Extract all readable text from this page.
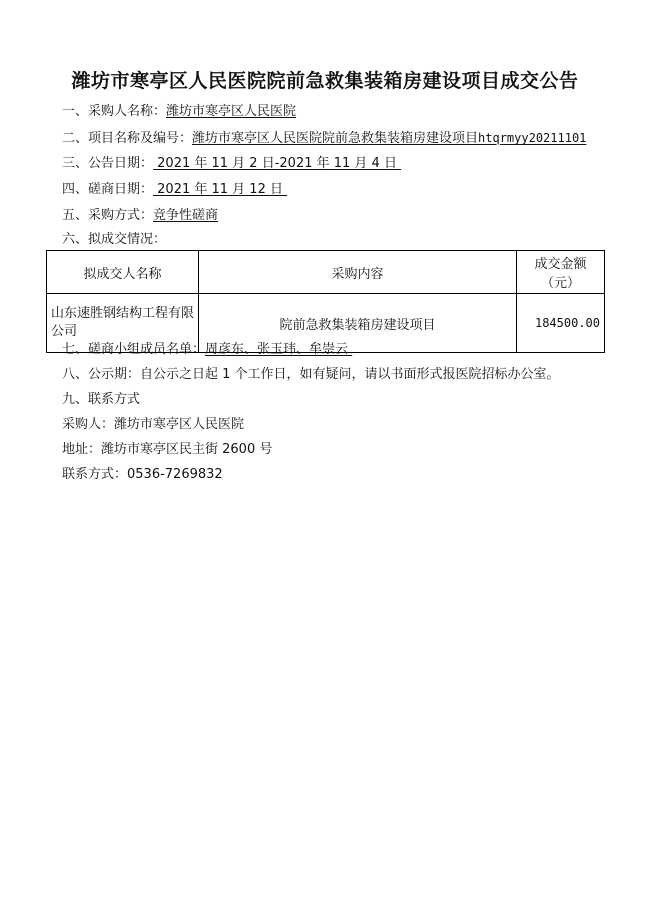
潍坊市寒亭区人民医院院前急救集装箱房建设项目成交公告
一、采购人名称：潍坊市寒亭区人民医院
二、项目名称及编号：潍坊市寒亭区人民医院院前急救集装箱房建设项目htqrmyy20211101
三、公告日期： 2021 年 11 月 2 日-2021 年 11 月 4 日
四、磋商日期： 2021 年 11 月 12 日
五、采购方式：竞争性磋商
六、拟成交情况：
拟成交人名称	采购内容	成交金额（元）
山东速胜钢结构工程有限公司	院前急救集装箱房建设项目	184500.00
七、磋商小组成员名单：周彦东、张玉玮、牟崇云
八、公示期：自公示之日起 1 个工作日，如有疑问，请以书面形式报医院招标办公室。
九、联系方式
采购人：潍坊市寒亭区人民医院
地址：潍坊市寒亭区民主街 2600 号
联系方式：0536-7269832
